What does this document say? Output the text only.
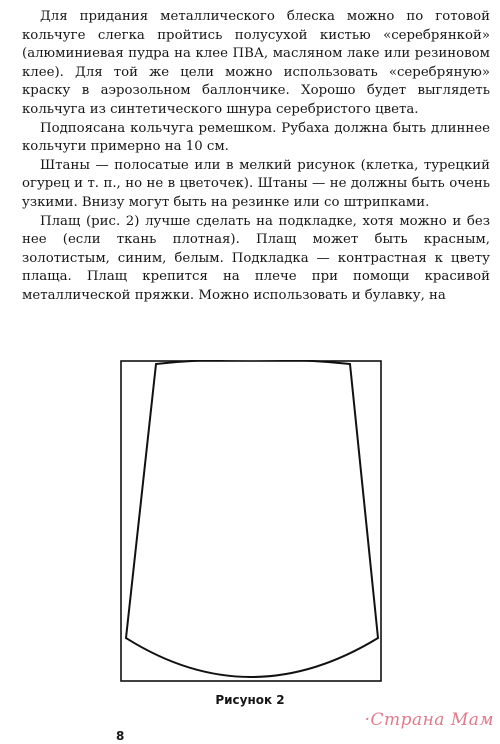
Для придания металлического блеска можно по готовой кольчуге слегка пройтись полусухой кистью «серебрянкой» (алюминиевая пудра на клее ПВА, масляном лаке или резиновом клее). Для той же цели можно использовать «серебряную» краску в аэрозольном баллончике. Хорошо будет выглядеть кольчуга из синтетического шнура серебристого цвета.

Подпоясана кольчуга ремешком. Рубаха должна быть длиннее кольчуги примерно на 10 см.

Штаны — полосатые или в мелкий рисунок (клетка, турецкий огурец и т. п., но не в цветочек). Штаны — не должны быть очень узкими. Внизу могут быть на резинке или со штрипками.

Плащ (рис. 2) лучше сделать на подкладке, хотя можно и без нее (если ткань плотная). Плащ может быть красным, золотистым, синим, белым. Подкладка — контрастная к цвету плаща. Плащ крепится на плече при помощи красивой металлической пряжки. Можно использовать и булавку, на

Рисунок 2
8
·Страна Мам
